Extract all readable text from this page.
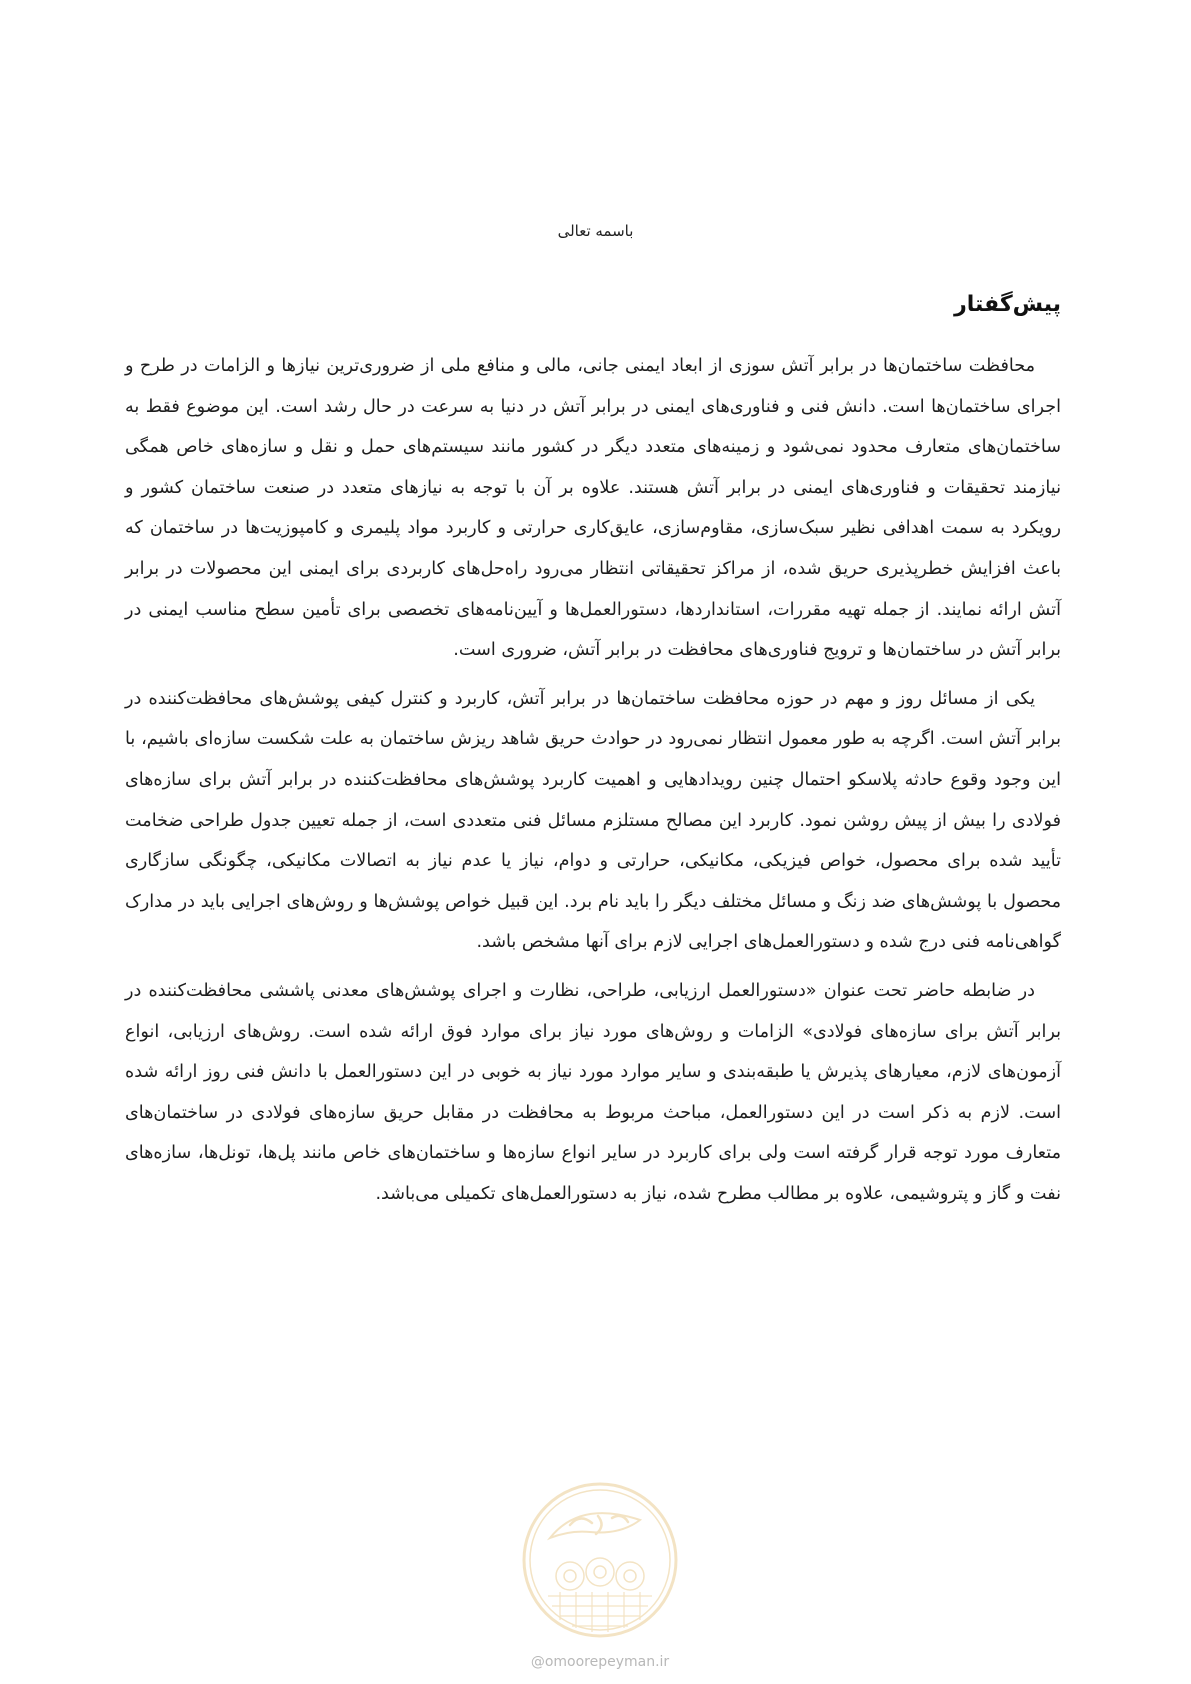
باسمه تعالی
پیش‌گفتار

محافظت ساختمان‌ها در برابر آتش سوزی از ابعاد ایمنی جانی، مالی و منافع ملی از ضروری‌ترین نیازها و الزامات در طرح و اجرای ساختمان‌ها است. دانش فنی و فناوری‌های ایمنی در برابر آتش در دنیا به سرعت در حال رشد است. این موضوع فقط به ساختمان‌های متعارف محدود نمی‌شود و زمینه‌های متعدد دیگر در کشور مانند سیستم‌های حمل و نقل و سازه‌های خاص همگی نیازمند تحقیقات و فناوری‌های ایمنی در برابر آتش هستند. علاوه بر آن با توجه به نیازهای متعدد در صنعت ساختمان کشور و رویکرد به سمت اهدافی نظیر سبک‌سازی، مقاوم‌سازی، عایق‌کاری حرارتی و کاربرد مواد پلیمری و کامپوزیت‌ها در ساختمان که باعث افزایش خطرپذیری حریق شده، از مراکز تحقیقاتی انتظار می‌رود راه‌حل‌های کاربردی برای ایمنی این محصولات در برابر آتش ارائه نمایند. از جمله تهیه مقررات، استانداردها، دستورالعمل‌ها و آیین‌نامه‌های تخصصی برای تأمین سطح مناسب ایمنی در برابر آتش در ساختمان‌ها و ترویج فناوری‌های محافظت در برابر آتش، ضروری است.

یکی از مسائل روز و مهم در حوزه محافظت ساختمان‌ها در برابر آتش، کاربرد و کنترل کیفی پوشش‌های محافظت‌کننده در برابر آتش است. اگرچه به طور معمول انتظار نمی‌رود در حوادث حریق شاهد ریزش ساختمان به علت شکست سازه‌ای باشیم، با این وجود وقوع حادثه پلاسکو احتمال چنین رویدادهایی و اهمیت کاربرد پوشش‌های محافظت‌کننده در برابر آتش برای سازه‌های فولادی را بیش از پیش روشن نمود. کاربرد این مصالح مستلزم مسائل فنی متعددی است، از جمله تعیین جدول طراحی ضخامت تأیید شده برای محصول، خواص فیزیکی، مکانیکی، حرارتی و دوام، نیاز یا عدم نیاز به اتصالات مکانیکی، چگونگی سازگاری محصول با پوشش‌های ضد زنگ و مسائل مختلف دیگر را باید نام برد. این قبیل خواص پوشش‌ها و روش‌های اجرایی باید در مدارک گواهی‌نامه فنی درج شده و دستورالعمل‌های اجرایی لازم برای آنها مشخص باشد.

در ضابطه حاضر تحت عنوان «دستورالعمل ارزیابی، طراحی، نظارت و اجرای پوشش‌های معدنی پاششی محافظت‌کننده در برابر آتش برای سازه‌های فولادی» الزامات و روش‌های مورد نیاز برای موارد فوق ارائه شده است. روش‌های ارزیابی، انواع آزمون‌های لازم، معیارهای پذیرش یا طبقه‌بندی و سایر موارد مورد نیاز به خوبی در این دستورالعمل با دانش فنی روز ارائه شده است. لازم به ذکر است در این دستورالعمل، مباحث مربوط به محافظت در مقابل حریق سازه‌های فولادی در ساختمان‌های متعارف مورد توجه قرار گرفته است ولی برای کاربرد در سایر انواع سازه‌ها و ساختمان‌های خاص مانند پل‌ها، تونل‌ها، سازه‌های نفت و گاز و پتروشیمی، علاوه بر مطالب مطرح شده، نیاز به دستورالعمل‌های تکمیلی می‌باشد.

@omoorepeyman.ir
